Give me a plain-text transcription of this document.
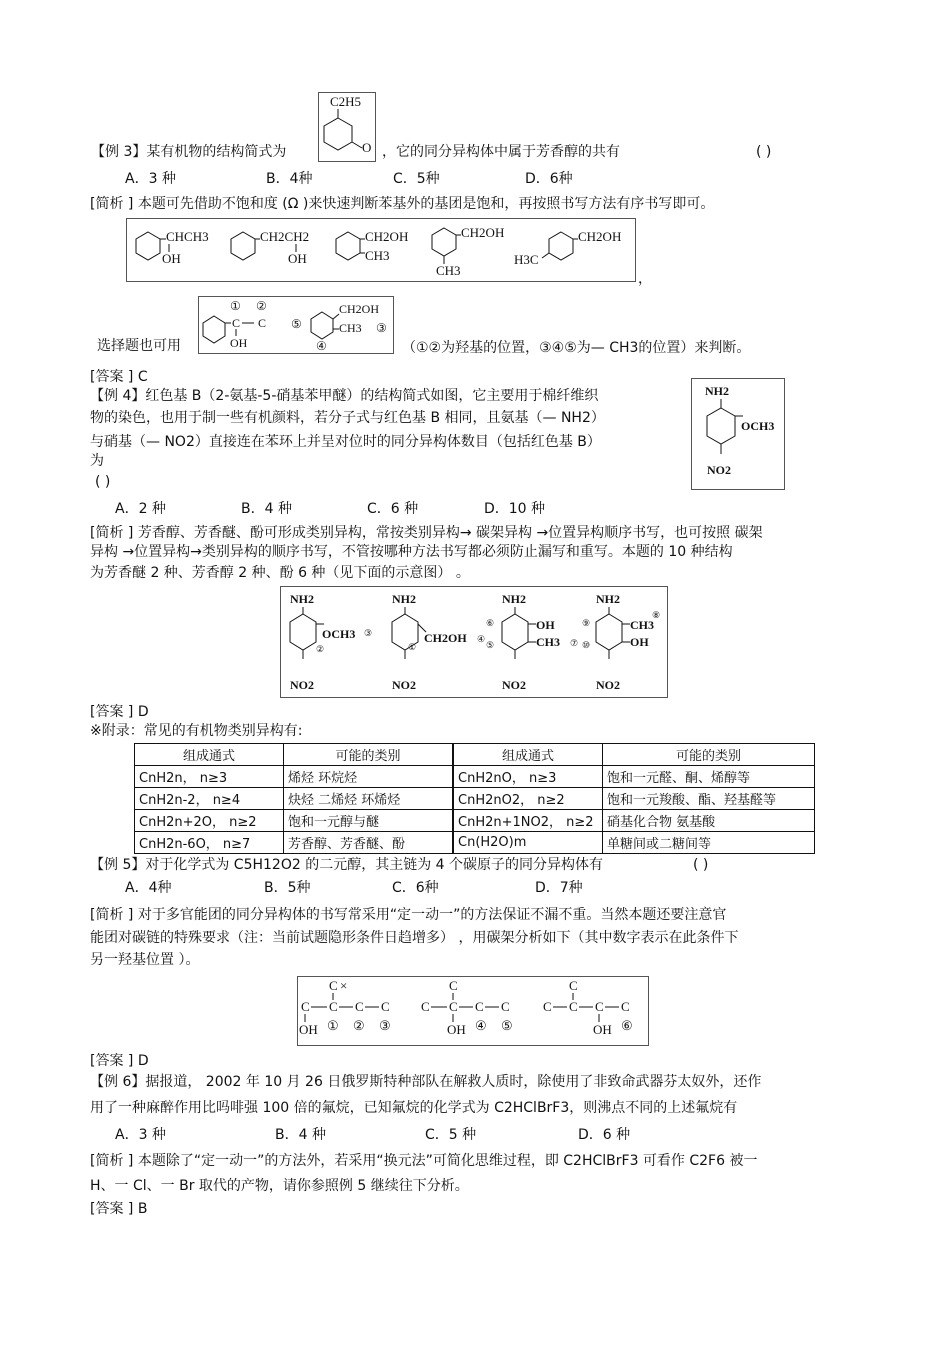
C2H5
O
【例 3】某有机物的结构简式为	，它的同分异构体中属于芳香醇的共有	( )
A．3 种	B．4种	C．5种	D．6种
[简析 ] 本题可先借助不饱和度 (Ω )来快速判断苯基外的基团是饱和，再按照书写方法有序书写即可。
CHCH3
OH
CH2CH2
OH
CH2OH
CH3
CH2OH
CH3
CH2OH
H3C
，
选择题也可用
① ②
C C
OH
⑤
CH2OH
CH3 ③
④	（①②为羟基的位置，③④⑤为— CH3的位置）来判断。
[答案 ] C
【例 4】红色基 B（2-氨基-5-硝基苯甲醚）的结构简式如图，它主要用于棉纤维织
物的染色，也用于制一些有机颜料，若分子式与红色基 B 相同，且氨基（— NH2）
与硝基（— NO2）直接连在苯环上并呈对位时的同分异构体数目（包括红色基 B）
为
( )
NH2
OCH3
NO2
A．2 种	B．4 种	C．6 种	D．10 种
[简析 ] 芳香醇、芳香醚、酚可形成类别异构，常按类别异构→ 碳架异构 →位置异构顺序书写，也可按照 碳架
异构 →位置异构→类别异构的顺序书写，不管按哪种方法书写都必须防止漏写和重写。本题的 10 种结构
为芳香醚 2 种、芳香醇 2 种、酚 6 种（见下面的示意图） 。
NH2
OCH3 ③
②
NO2
NH2
CH2OH ④
①
NO2
NH2
OH
⑥
⑤	CH3 ⑦
NO2
NH2
CH3
⑧
⑨
⑩	OH
NO2
[答案 ] D
※附录：常见的有机物类别异构有:
组成通式	可能的类别	组成通式	可能的类别
CnH2n， n≥3	烯烃 环烷烃	CnH2nO， n≥3	饱和一元醛、酮、烯醇等
CnH2n-2， n≥4	炔烃 二烯烃 环烯烃	CnH2nO2， n≥2	饱和一元羧酸、酯、羟基醛等
CnH2n+2O， n≥2	饱和一元醇与醚	CnH2n+1NO2， n≥2	硝基化合物 氨基酸
CnH2n-6O， n≥7	芳香醇、芳香醚、酚	Cn(H2O)m	单糖间或二糖间等
【例 5】对于化学式为 C5H12O2 的二元醇，其主链为 4 个碳原子的同分异构体有	( )
A．4种	B．5种	C．6种	D．7种
[简析 ] 对于多官能团的同分异构体的书写常采用“定一动一”的方法保证不漏不重。当然本题还要注意官
能团对碳链的特殊要求（注：当前试题隐形条件日趋增多） ，用碳架分析如下（其中数字表示在此条件下
另一羟基位置 ）。
C ×
C C C C
OH ① ② ③
C
C C C C
OH ④ ⑤
C
C C C C
OH ⑥
[答案 ] D
【例 6】据报道， 2002 年 10 月 26 日俄罗斯特种部队在解救人质时，除使用了非致命武器芬太奴外，还作
用了一种麻醉作用比吗啡强 100 倍的氟烷，已知氟烷的化学式为 C2HClBrF3，则沸点不同的上述氟烷有
A．3 种	B．4 种	C．5 种	D．6 种
[简析 ] 本题除了“定一动一”的方法外，若采用“换元法”可简化思维过程，即 C2HClBrF3 可看作 C2F6 被一
H、一 Cl、一 Br 取代的产物，请你参照例 5 继续往下分析。
[答案 ] B
